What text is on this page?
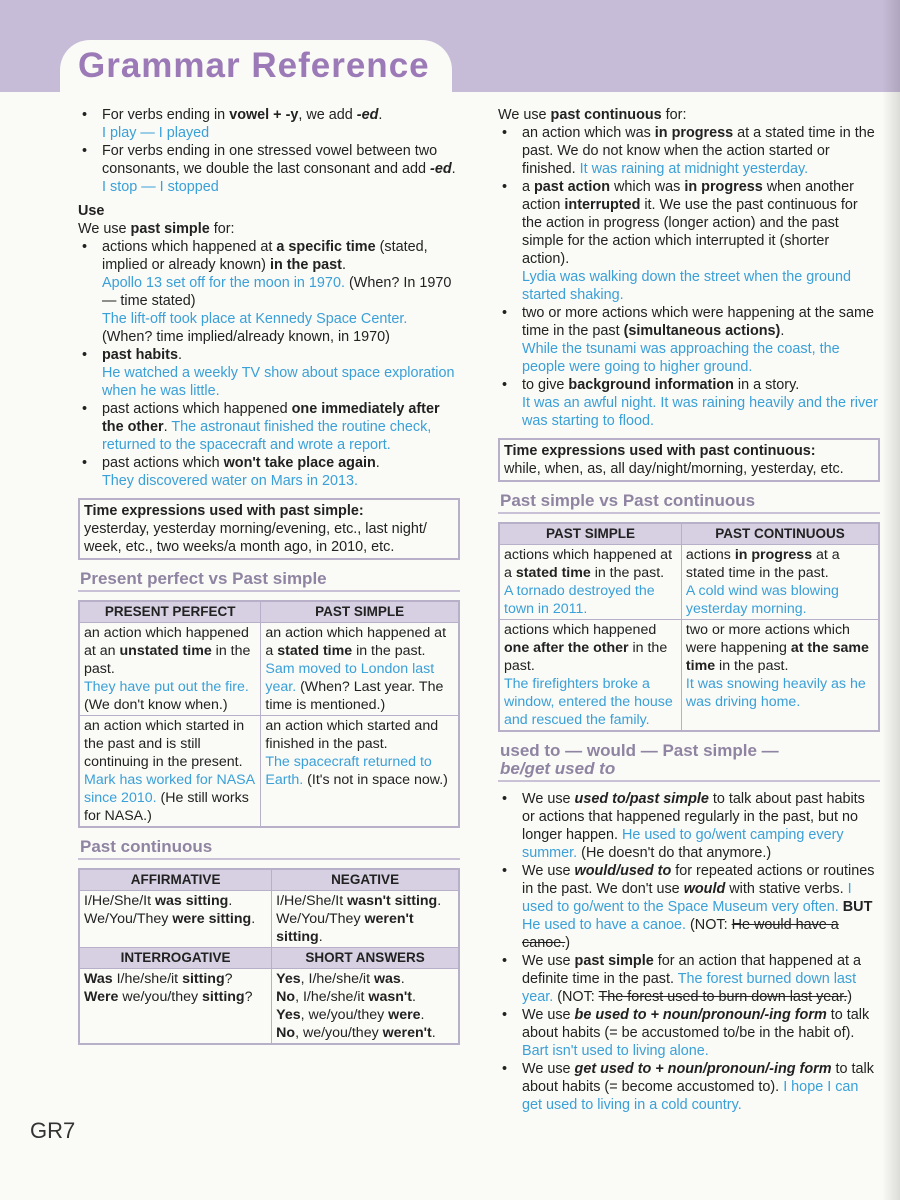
Grammar Reference
• For verbs ending in vowel + -y, we add -ed.
I play — I played
• For verbs ending in one stressed vowel between two consonants, we double the last consonant and add -ed.
I stop — I stopped
Use
We use past simple for:
• actions which happened at a specific time (stated, implied or already known) in the past.
Apollo 13 set off for the moon in 1970. (When? In 1970 — time stated)
The lift-off took place at Kennedy Space Center.
(When? time implied/already known, in 1970)
• past habits.
He watched a weekly TV show about space exploration when he was little.
• past actions which happened one immediately after the other. The astronaut finished the routine check, returned to the spacecraft and wrote a report.
• past actions which won't take place again.
They discovered water on Mars in 2013.
Time expressions used with past simple:
yesterday, yesterday morning/evening, etc., last night/ week, etc., two weeks/a month ago, in 2010, etc.
Present perfect vs Past simple
PRESENT PERFECT	PAST SIMPLE
an action which happened at an unstated time in the past.
They have put out the fire.
(We don't know when.)	an action which happened at a stated time in the past.
Sam moved to London last year. (When? Last year. The time is mentioned.)
an action which started in the past and is still continuing in the present.
Mark has worked for NASA since 2010. (He still works for NASA.)	an action which started and finished in the past.
The spacecraft returned to Earth. (It's not in space now.)
Past continuous
AFFIRMATIVE	NEGATIVE
I/He/She/It was sitting. We/You/They were sitting.	I/He/She/It wasn't sitting. We/You/They weren't sitting.
INTERROGATIVE	SHORT ANSWERS
Was I/he/she/it sitting?
Were we/you/they sitting?	Yes, I/he/she/it was.
No, I/he/she/it wasn't.
Yes, we/you/they were.
No, we/you/they weren't.
We use past continuous for:
• an action which was in progress at a stated time in the past. We do not know when the action started or finished. It was raining at midnight yesterday.
• a past action which was in progress when another action interrupted it. We use the past continuous for the action in progress (longer action) and the past simple for the action which interrupted it (shorter action).
Lydia was walking down the street when the ground started shaking.
• two or more actions which were happening at the same time in the past (simultaneous actions).
While the tsunami was approaching the coast, the people were going to higher ground.
• to give background information in a story.
It was an awful night. It was raining heavily and the river was starting to flood.
Time expressions used with past continuous:
while, when, as, all day/night/morning, yesterday, etc.
Past simple vs Past continuous
PAST SIMPLE	PAST CONTINUOUS
actions which happened at a stated time in the past.
A tornado destroyed the town in 2011.	actions in progress at a stated time in the past.
A cold wind was blowing yesterday morning.
actions which happened one after the other in the past.
The firefighters broke a window, entered the house and rescued the family.	two or more actions which were happening at the same time in the past.
It was snowing heavily as he was driving home.
used to — would — Past simple —
be/get used to
• We use used to/past simple to talk about past habits or actions that happened regularly in the past, but no longer happen. He used to go/went camping every summer. (He doesn't do that anymore.)
• We use would/used to for repeated actions or routines in the past. We don't use would with stative verbs. I used to go/went to the Space Museum very often. BUT He used to have a canoe. (NOT: He would have a canoe.)
• We use past simple for an action that happened at a definite time in the past. The forest burned down last year. (NOT: The forest used to burn down last year.)
• We use be used to + noun/pronoun/-ing form to talk about habits (= be accustomed to/be in the habit of). Bart isn't used to living alone.
• We use get used to + noun/pronoun/-ing form to talk about habits (= become accustomed to). I hope I can get used to living in a cold country.
GR7
